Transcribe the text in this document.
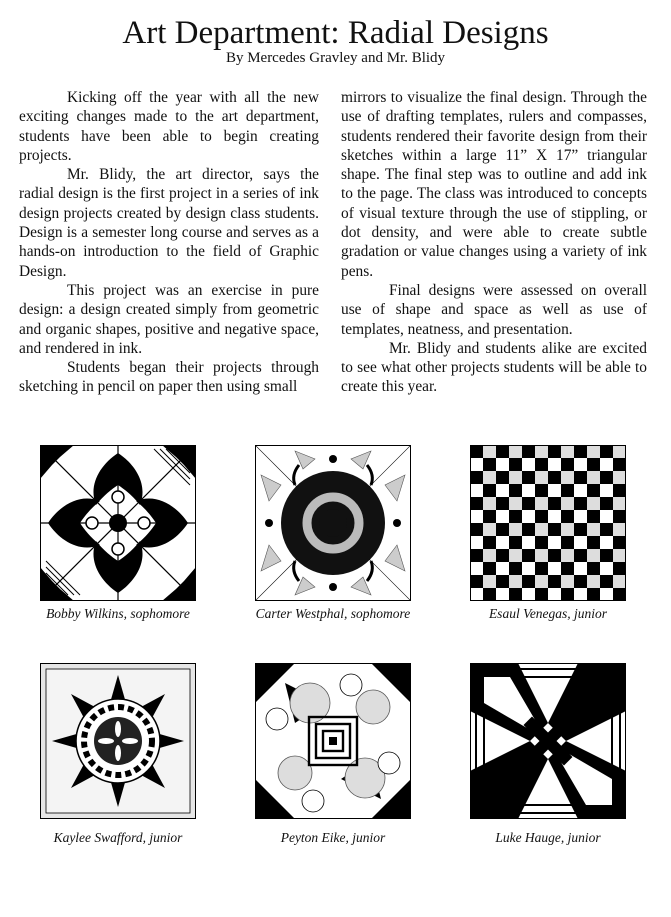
Art Department: Radial Designs
By Mercedes Gravley and Mr. Blidy

Kicking off the year with all the new exciting changes made to the art department, students have been able to begin creating projects.

Mr. Blidy, the art director, says the radial design is the first project in a series of ink design projects created by design class students. Design is a semester long course and serves as a hands-on introduction to the field of Graphic Design.

This project was an exercise in pure design: a design created simply from geometric and organic shapes, positive and negative space, and rendered in ink.

Students began their projects through sketching in pencil on paper then using small

mirrors to visualize the final design. Through the use of drafting templates, rulers and compasses, students rendered their favorite design from their sketches within a large 11” X 17” triangular shape. The final step was to outline and add ink to the page. The class was introduced to concepts of visual texture through the use of stippling, or dot density, and were able to create subtle gradation or value changes using a variety of ink pens.

Final designs were assessed on overall use of shape and space as well as use of templates, neatness, and presentation.

Mr. Blidy and students alike are excited to see what other projects students will be able to create this year.

Bobby Wilkins, sophomore	Carter Westphal, sophomore	Esaul Venegas, junior
Kaylee Swafford, junior	Peyton Eike, junior	Luke Hauge, junior
